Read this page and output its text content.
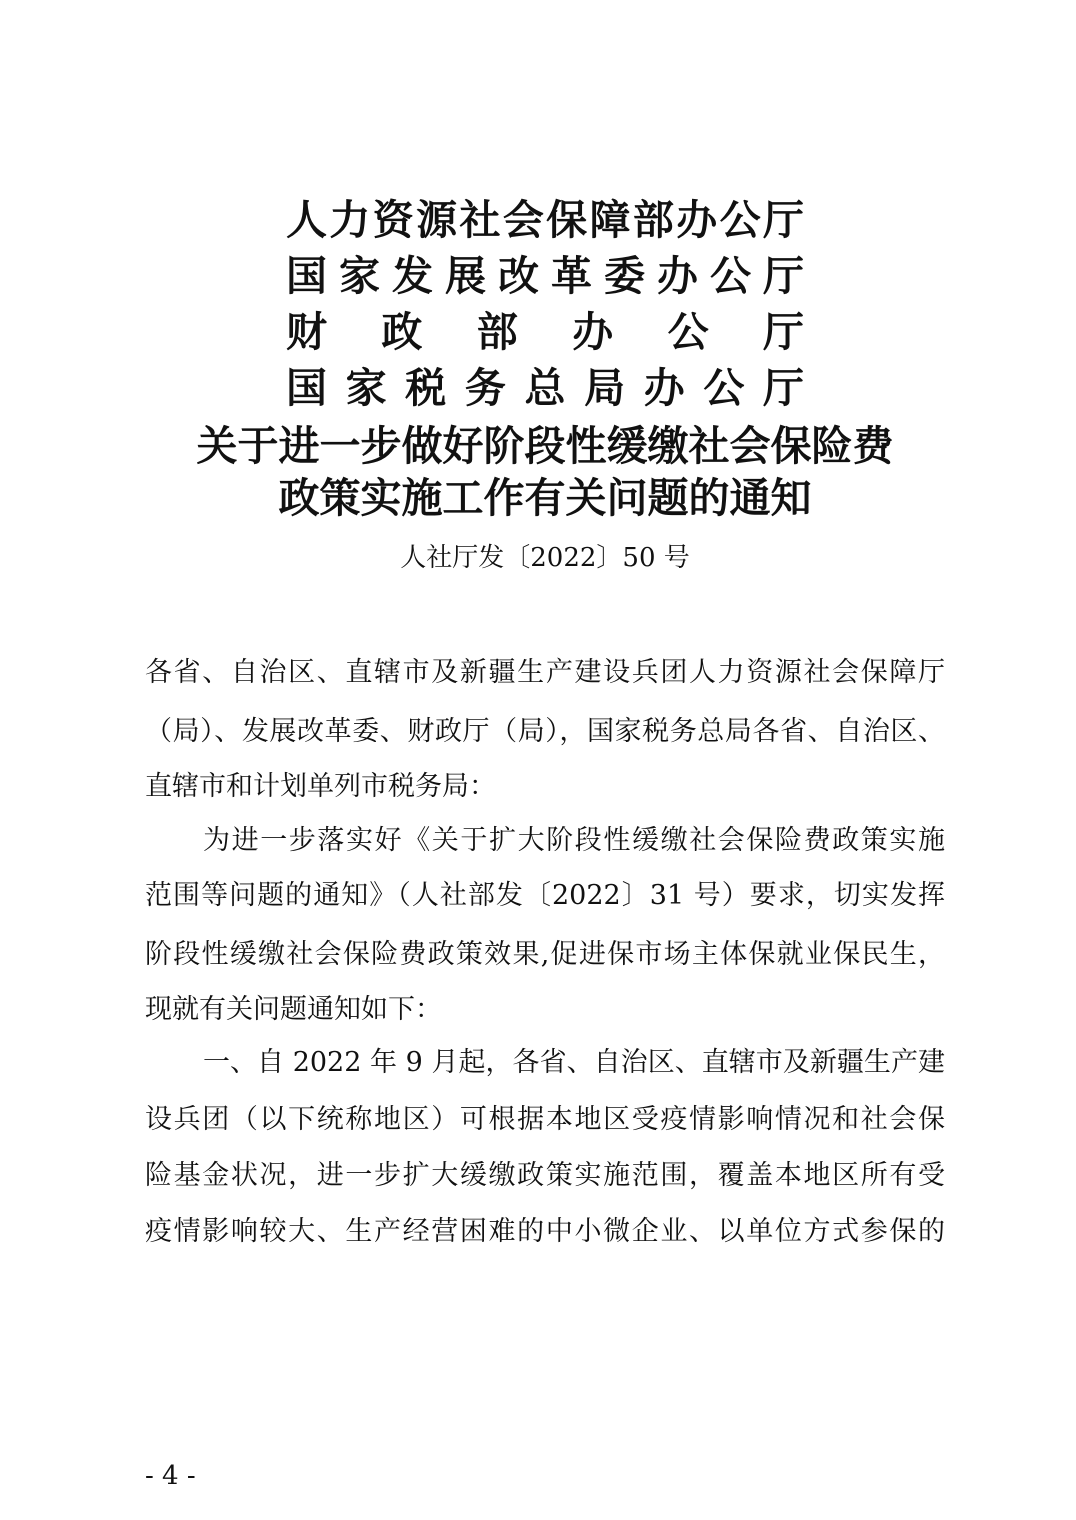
人力资源社会保障部办公厅
国家发展改革委办公厅
财政部办公厅
国家税务总局办公厅
关于进一步做好阶段性缓缴社会保险费
政策实施工作有关问题的通知
人社厅发〔2022〕50 号
各省、自治区、直辖市及新疆生产建设兵团人力资源社会保障厅
（局）、发展改革委、财政厅（局），国家税务总局各省、自治区、
直辖市和计划单列市税务局：
为进一步落实好《关于扩大阶段性缓缴社会保险费政策实施
范围等问题的通知》（人社部发〔2022〕31 号）要求，切实发挥
阶段性缓缴社会保险费政策效果,促进保市场主体保就业保民生，
现就有关问题通知如下：
一、自 2022 年 9 月起，各省、自治区、直辖市及新疆生产建
设兵团（以下统称地区）可根据本地区受疫情影响情况和社会保
险基金状况，进一步扩大缓缴政策实施范围，覆盖本地区所有受
疫情影响较大、生产经营困难的中小微企业、以单位方式参保的
- 4 -
